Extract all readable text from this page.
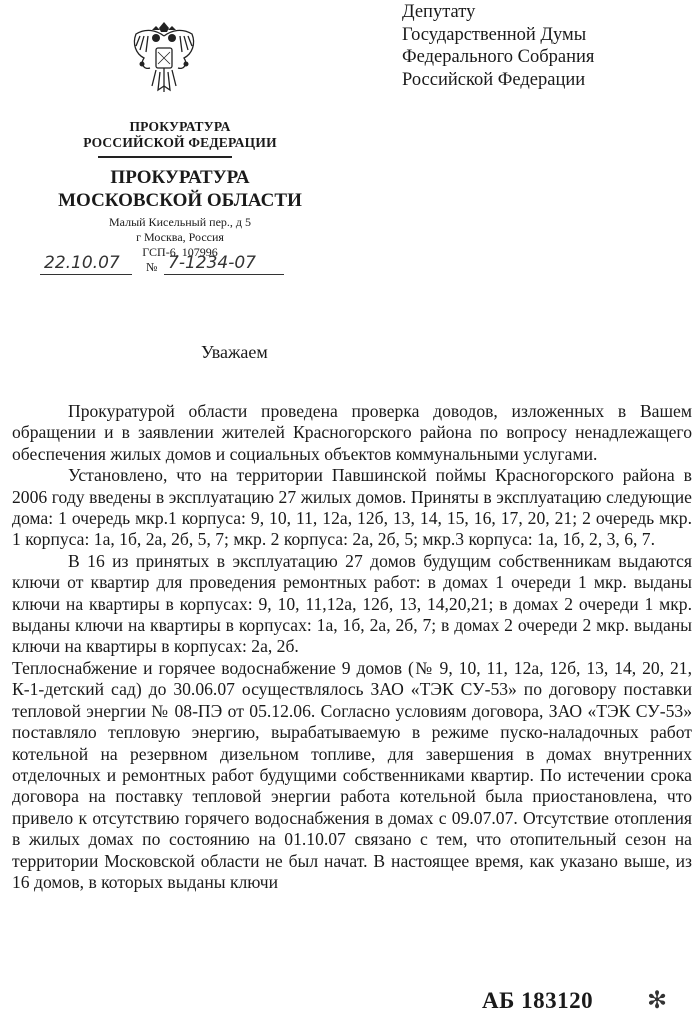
ПРОКУРАТУРА
РОССИЙСКОЙ ФЕДЕРАЦИИ
ПРОКУРАТУРА
МОСКОВСКОЙ ОБЛАСТИ
Малый Кисельный пер., д 5
г Москва, Россия
ГСП-6, 107996
22.10.07 № 7-1234-07
Депутату
Государственной Думы
Федерального Собрания
Российской Федерации
Уважаем

Прокуратурой области проведена проверка доводов, изложенных в Вашем обращении и в заявлении жителей Красногорского района по вопросу ненадлежащего обеспечения жилых домов и социальных объектов коммунальными услугами.

Установлено, что на территории Павшинской поймы Красногорского района в 2006 году введены в эксплуатацию 27 жилых домов. Приняты в эксплуатацию следующие дома: 1 очередь мкр.1 корпуса: 9, 10, 11, 12а, 12б, 13, 14, 15, 16, 17, 20, 21; 2 очередь мкр. 1 корпуса: 1а, 1б, 2а, 2б, 5, 7; мкр. 2 корпуса: 2а, 2б, 5; мкр.3 корпуса: 1а, 1б, 2, 3, 6, 7.

В 16 из принятых в эксплуатацию 27 домов будущим собственникам выдаются ключи от квартир для проведения ремонтных работ: в домах 1 очереди 1 мкр. выданы ключи на квартиры в корпусах: 9, 10, 11,12а, 12б, 13, 14,20,21; в домах 2 очереди 1 мкр. выданы ключи на квартиры в корпусах: 1а, 1б, 2а, 2б, 7; в домах 2 очереди 2 мкр. выданы ключи на квартиры в корпусах: 2а, 2б.

Теплоснабжение и горячее водоснабжение 9 домов (№ 9, 10, 11, 12а, 12б, 13, 14, 20, 21, К-1-детский сад) до 30.06.07 осуществлялось ЗАО «ТЭК СУ-53» по договору поставки тепловой энергии № 08-ПЭ от 05.12.06. Согласно условиям договора, ЗАО «ТЭК СУ-53» поставляло тепловую энергию, вырабатываемую в режиме пуско-наладочных работ котельной на резервном дизельном топливе, для завершения в домах внутренних отделочных и ремонтных работ будущими собственниками квартир. По истечении срока договора на поставку тепловой энергии работа котельной была приостановлена, что привело к отсутствию горячего водоснабжения в домах с 09.07.07. Отсутствие отопления в жилых домах по состоянию на 01.10.07 связано с тем, что отопительный сезон на территории Московской области не был начат. В настоящее время, как указано выше, из 16 домов, в которых выданы ключи

АБ 183120 ✻
